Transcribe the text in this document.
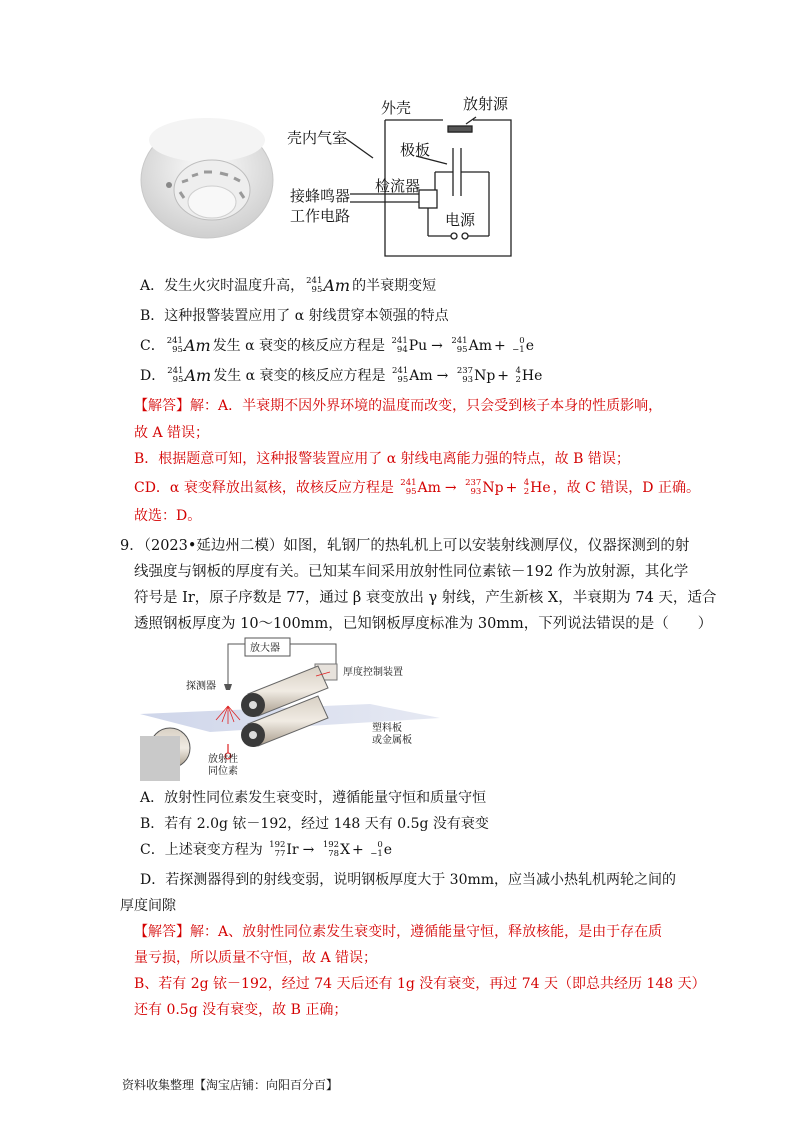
外壳	放射源
壳内气室
极板
检流器
接蜂鸣器
工作电路	电源
A．发生火灾时温度升高， 241
95 Am 的半衰期变短
B．这种报警装置应用了 α 射线贯穿本领强的特点
C． 241
95 Am 发生 α 衰变的核反应方程是 241
94 Pu → 241
95 Am + 0
−1 e
D． 241
95 Am 发生 α 衰变的核反应方程是 241
95 Am → 237
93 Np + 4
2 He
【解答】解：A．半衰期不因外界环境的温度而改变，只会受到核子本身的性质影响，
故 A 错误；
B．根据题意可知，这种报警装置应用了 α 射线电离能力强的特点，故 B 错误；
CD．α 衰变释放出氦核，故核反应方程是 241
95 Am → 237
93 Np + 4
2 He ，故 C 错误，D 正确。
故选：D。
9．（2023•延边州二模）如图，轧钢厂的热轧机上可以安装射线测厚仪，仪器探测到的射
线强度与钢板的厚度有关。已知某车间采用放射性同位素铱－192 作为放射源，其化学
符号是 Ir，原子序数是 77，通过 β 衰变放出 γ 射线，产生新核 X，半衰期为 74 天，适合
透照钢板厚度为 10～100mm，已知钢板厚度标准为 30mm，下列说法错误的是（　　）
放大器
厚度控制装置
探测器
塑料板
或金属板
放射性
同位素
A．放射性同位素发生衰变时，遵循能量守恒和质量守恒
B．若有 2.0g 铱－192，经过 148 天有 0.5g 没有衰变
C．上述衰变方程为 192
77 Ir → 192
78 X + 0
−1 e
D．若探测器得到的射线变弱，说明钢板厚度大于 30mm，应当减小热轧机两轮之间的
厚度间隙
【解答】解：A、放射性同位素发生衰变时，遵循能量守恒，释放核能，是由于存在质
量亏损，所以质量不守恒，故 A 错误；
B、若有 2g 铱－192，经过 74 天后还有 1g 没有衰变，再过 74 天（即总共经历 148 天）
还有 0.5g 没有衰变，故 B 正确；
资料收集整理【淘宝店铺：向阳百分百】
